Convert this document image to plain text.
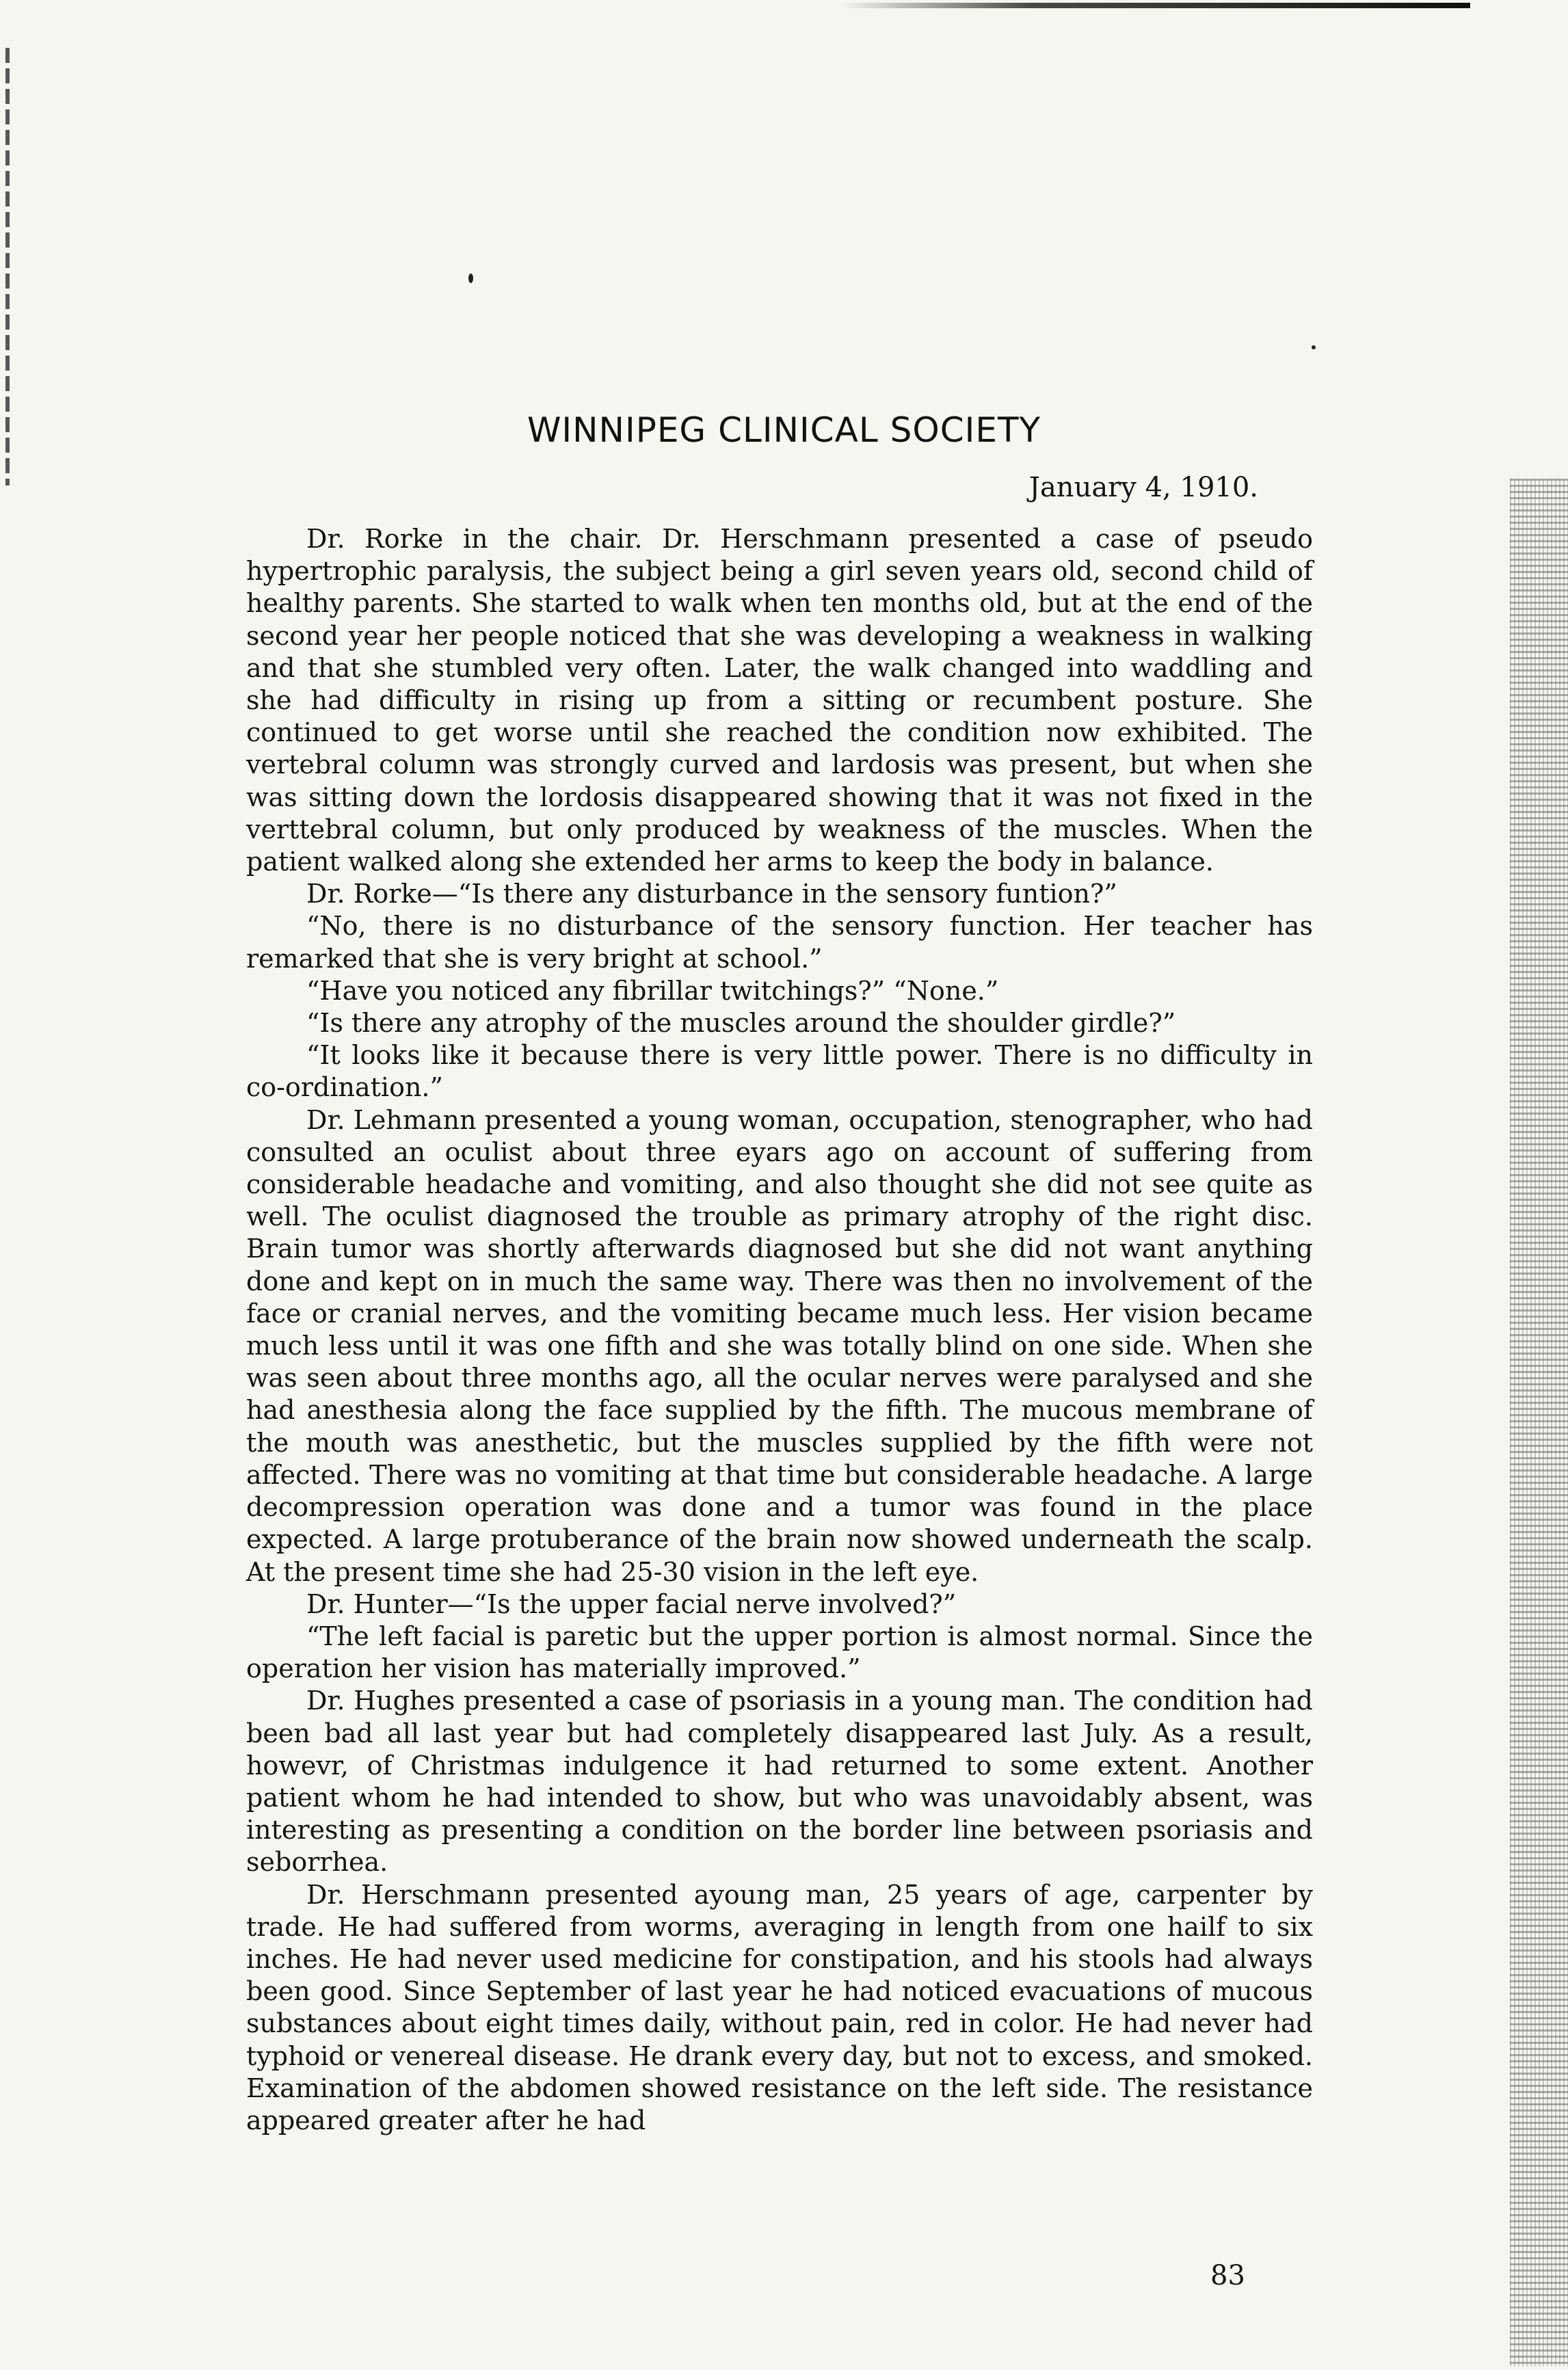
WINNIPEG CLINICAL SOCIETY
January 4, 1910.

Dr. Rorke in the chair. Dr. Herschmann presented a case of pseudo hypertrophic paralysis, the subject being a girl seven years old, second child of healthy parents. She started to walk when ten months old, but at the end of the second year her people noticed that she was developing a weakness in walking and that she stumbled very often. Later, the walk changed into waddling and she had difficulty in rising up from a sitting or recumbent posture. She continued to get worse until she reached the condition now exhibited. The vertebral column was strongly curved and lardosis was present, but when she was sitting down the lordosis disappeared showing that it was not fixed in the verttebral column, but only produced by weakness of the muscles. When the patient walked along she extended her arms to keep the body in balance.

Dr. Rorke—“Is there any disturbance in the sensory funtion?”

“No, there is no disturbance of the sensory function. Her teacher has remarked that she is very bright at school.”

“Have you noticed any fibrillar twitchings?” “None.”

“Is there any atrophy of the muscles around the shoulder girdle?”

“It looks like it because there is very little power. There is no difficulty in co-ordination.”

Dr. Lehmann presented a young woman, occupation, stenographer, who had consulted an oculist about three eyars ago on account of suffering from considerable headache and vomiting, and also thought she did not see quite as well. The oculist diagnosed the trouble as primary atrophy of the right disc. Brain tumor was shortly afterwards diagnosed but she did not want anything done and kept on in much the same way. There was then no involvement of the face or cranial nerves, and the vomiting became much less. Her vision became much less until it was one fifth and she was totally blind on one side. When she was seen about three months ago, all the ocular nerves were paralysed and she had anesthesia along the face supplied by the fifth. The mucous membrane of the mouth was anesthetic, but the muscles supplied by the fifth were not affected. There was no vomiting at that time but considerable headache. A large decompression operation was done and a tumor was found in the place expected. A large protuberance of the brain now showed underneath the scalp. At the present time she had 25-30 vision in the left eye.

Dr. Hunter—“Is the upper facial nerve involved?”

“The left facial is paretic but the upper portion is almost normal. Since the operation her vision has materially improved.”

Dr. Hughes presented a case of psoriasis in a young man. The condition had been bad all last year but had completely disappeared last July. As a result, howevr, of Christmas indulgence it had returned to some extent. Another patient whom he had intended to show, but who was unavoidably absent, was interesting as presenting a condition on the border line between psoriasis and seborrhea.

Dr. Herschmann presented ayoung man, 25 years of age, carpenter by trade. He had suffered from worms, averaging in length from one hailf to six inches. He had never used medicine for constipation, and his stools had always been good. Since September of last year he had noticed evacuations of mucous substances about eight times daily, without pain, red in color. He had never had typhoid or venereal disease. He drank every day, but not to excess, and smoked. Examination of the abdomen showed resistance on the left side. The resistance appeared greater after he had

83
